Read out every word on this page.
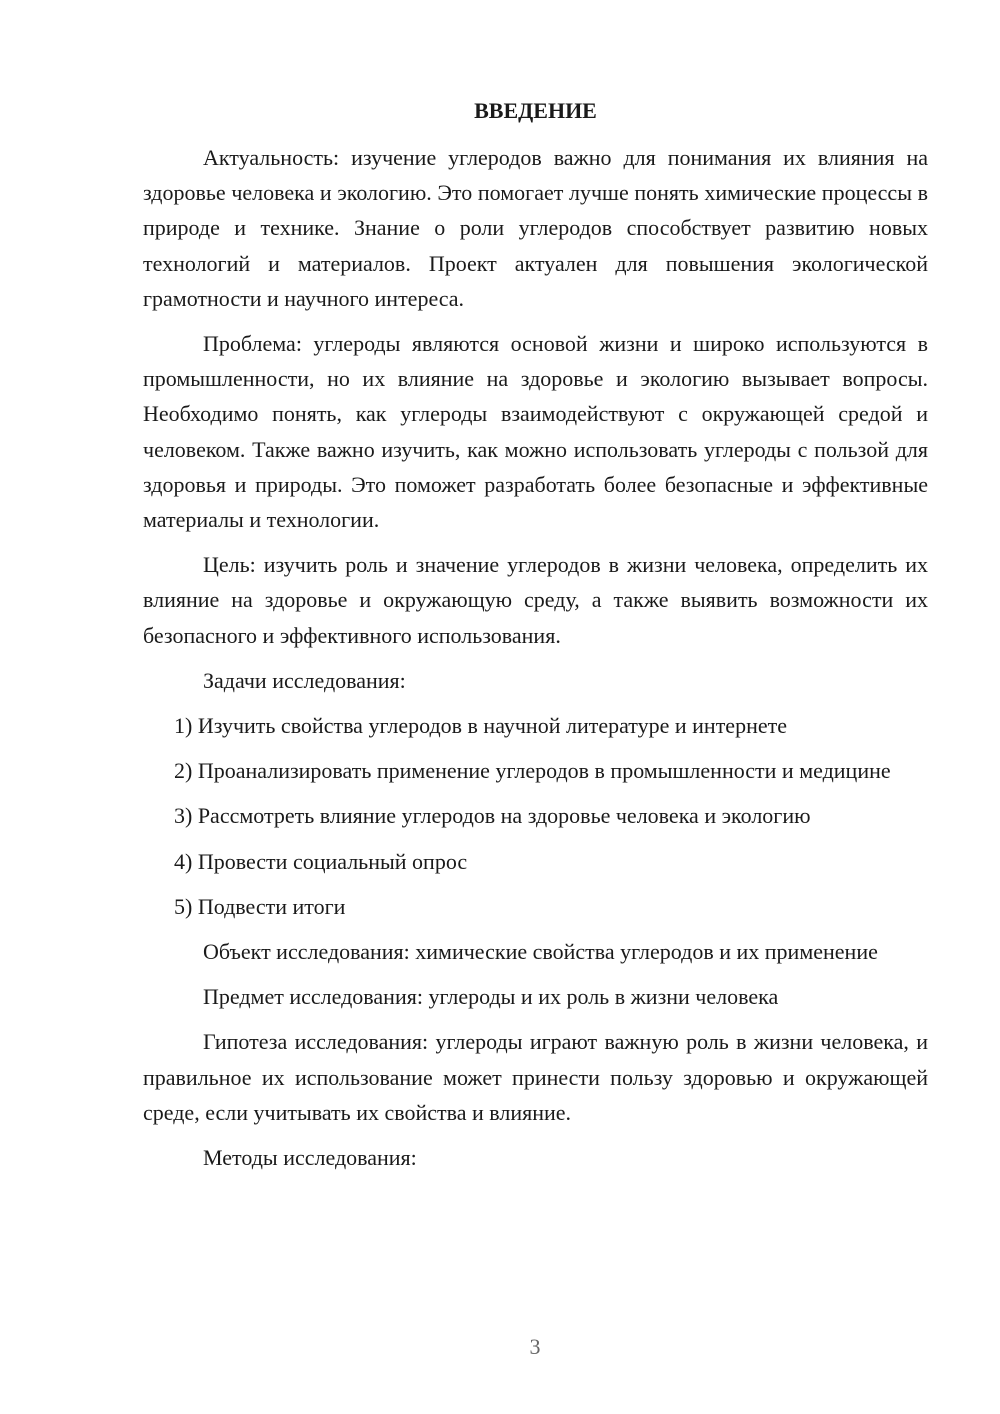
ВВЕДЕНИЕ

Актуальность: изучение углеродов важно для понимания их влияния на здоровье человека и экологию. Это помогает лучше понять химические процессы в природе и технике. Знание о роли углеродов способствует развитию новых технологий и материалов. Проект актуален для повышения экологической грамотности и научного интереса.

Проблема: углероды являются основой жизни и широко используются в промышленности, но их влияние на здоровье и экологию вызывает вопросы. Необходимо понять, как углероды взаимодействуют с окружающей средой и человеком. Также важно изучить, как можно использовать углероды с пользой для здоровья и природы. Это поможет разработать более безопасные и эффективные материалы и технологии.

Цель: изучить роль и значение углеродов в жизни человека, определить их влияние на здоровье и окружающую среду, а также выявить возможности их безопасного и эффективного использования.

Задачи исследования:

1) Изучить свойства углеродов в научной литературе и интернете

2) Проанализировать применение углеродов в промышленности и медицине

3) Рассмотреть влияние углеродов на здоровье человека и экологию

4) Провести социальный опрос

5) Подвести итоги

Объект исследования: химические свойства углеродов и их применение

Предмет исследования: углероды и их роль в жизни человека

Гипотеза исследования: углероды играют важную роль в жизни человека, и правильное их использование может принести пользу здоровью и окружающей среде, если учитывать их свойства и влияние.

Методы исследования:

3
